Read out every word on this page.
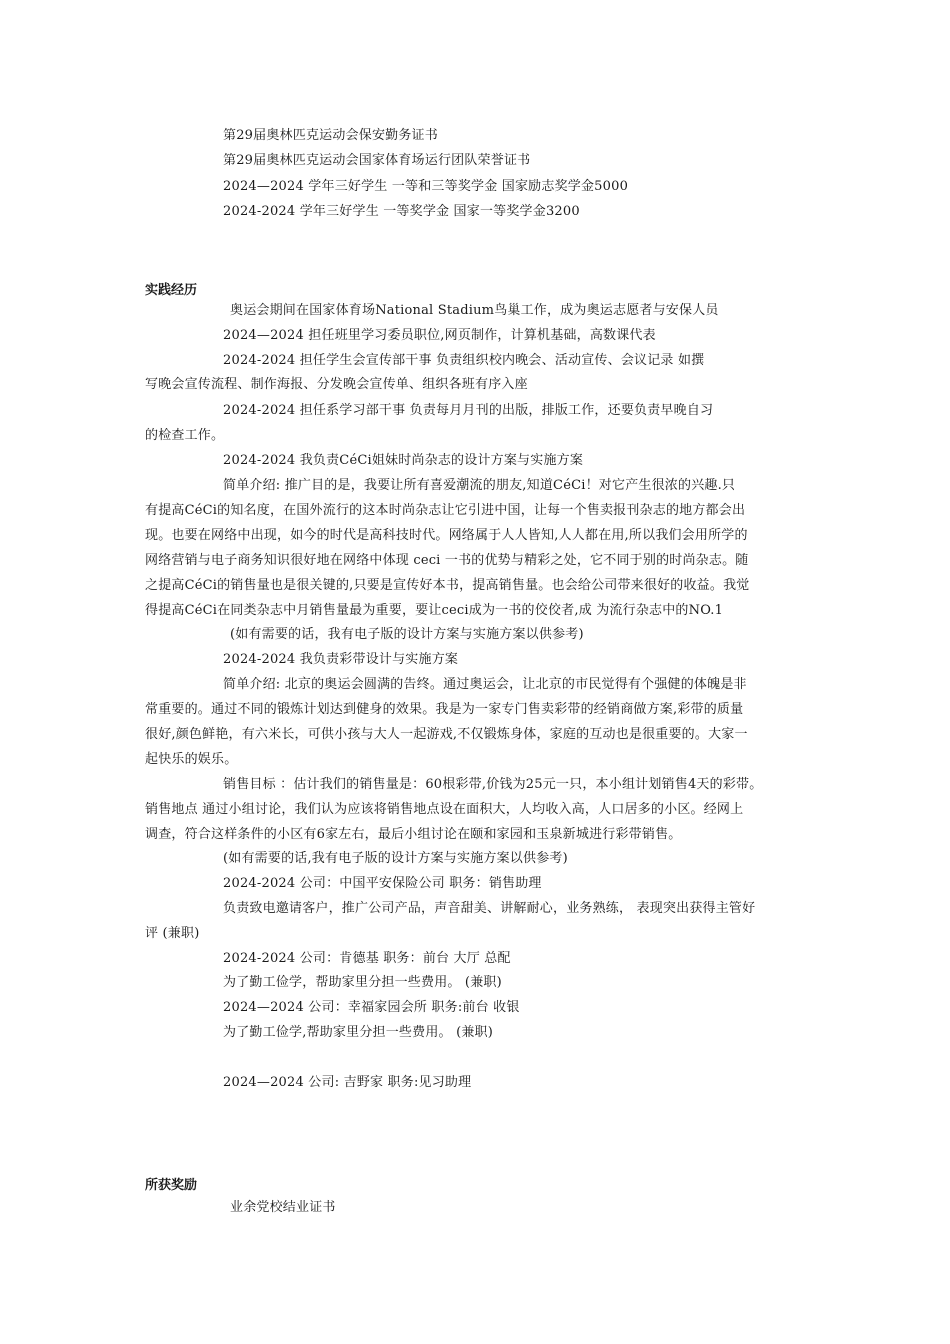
第29届奥林匹克运动会保安勤务证书
第29届奥林匹克运动会国家体育场运行团队荣誉证书
2024—2024 学年三好学生 一等和三等奖学金 国家励志奖学金5000
2024-2024 学年三好学生 一等奖学金 国家一等奖学金3200
实践经历
奥运会期间在国家体育场National Stadium鸟巢工作，成为奥运志愿者与安保人员
2024—2024 担任班里学习委员职位,网页制作，计算机基础，高数课代表
2024-2024 担任学生会宣传部干事 负责组织校内晚会、活动宣传、会议记录 如撰
写晚会宣传流程、制作海报、分发晚会宣传单、组织各班有序入座
2024-2024 担任系学习部干事 负责每月月刊的出版，排版工作，还要负责早晚自习
的检查工作。
2024-2024 我负责CéCi姐妹时尚杂志的设计方案与实施方案
简单介绍: 推广目的是，我要让所有喜爱潮流的朋友,知道CéCi！对它产生很浓的兴趣.只
有提高CéCi的知名度，在国外流行的这本时尚杂志让它引进中国，让每一个售卖报刊杂志的地方都会出
现。也要在网络中出现，如今的时代是高科技时代。网络属于人人皆知,人人都在用,所以我们会用所学的
网络营销与电子商务知识很好地在网络中体现 ceci 一书的优势与精彩之处，它不同于别的时尚杂志。随
之提高CéCi的销售量也是很关键的,只要是宣传好本书，提高销售量。也会给公司带来很好的收益。我觉
得提高CéCi在同类杂志中月销售量最为重要，要让ceci成为一书的佼佼者,成 为流行杂志中的NO.1
(如有需要的话，我有电子版的设计方案与实施方案以供参考)
2024-2024 我负责彩带设计与实施方案
简单介绍: 北京的奥运会圆满的告终。通过奥运会，让北京的市民觉得有个强健的体魄是非
常重要的。通过不同的锻炼计划达到健身的效果。我是为一家专门售卖彩带的经销商做方案,彩带的质量
很好,颜色鲜艳，有六米长，可供小孩与大人一起游戏,不仅锻炼身体，家庭的互动也是很重要的。大家一
起快乐的娱乐。
销售目标 ：估计我们的销售量是：60根彩带,价钱为25元一只，本小组计划销售4天的彩带。
销售地点 通过小组讨论，我们认为应该将销售地点设在面积大，人均收入高，人口居多的小区。经网上
调查，符合这样条件的小区有6家左右，最后小组讨论在颐和家园和玉泉新城进行彩带销售。
(如有需要的话,我有电子版的设计方案与实施方案以供参考)
2024-2024 公司：中国平安保险公司 职务：销售助理
负责致电邀请客户，推广公司产品，声音甜美、讲解耐心，业务熟练， 表现突出获得主管好
评 (兼职)
2024-2024 公司：肯德基 职务：前台 大厅 总配
为了勤工俭学，帮助家里分担一些费用。 (兼职)
2024—2024 公司：幸福家园会所 职务:前台 收银
为了勤工俭学,帮助家里分担一些费用。 (兼职)
2024—2024 公司: 吉野家 职务:见习助理
所获奖励
业余党校结业证书
